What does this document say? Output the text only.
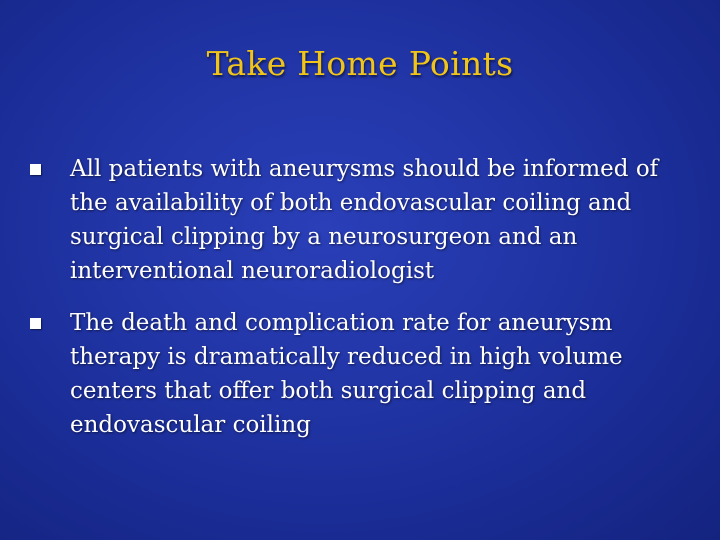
Take Home Points
All patients with aneurysms should be informed of the availability of both endovascular coiling and surgical clipping by a neurosurgeon and an interventional neuroradiologist
The death and complication rate for aneurysm therapy is dramatically reduced in high volume centers that offer both surgical clipping and endovascular coiling
